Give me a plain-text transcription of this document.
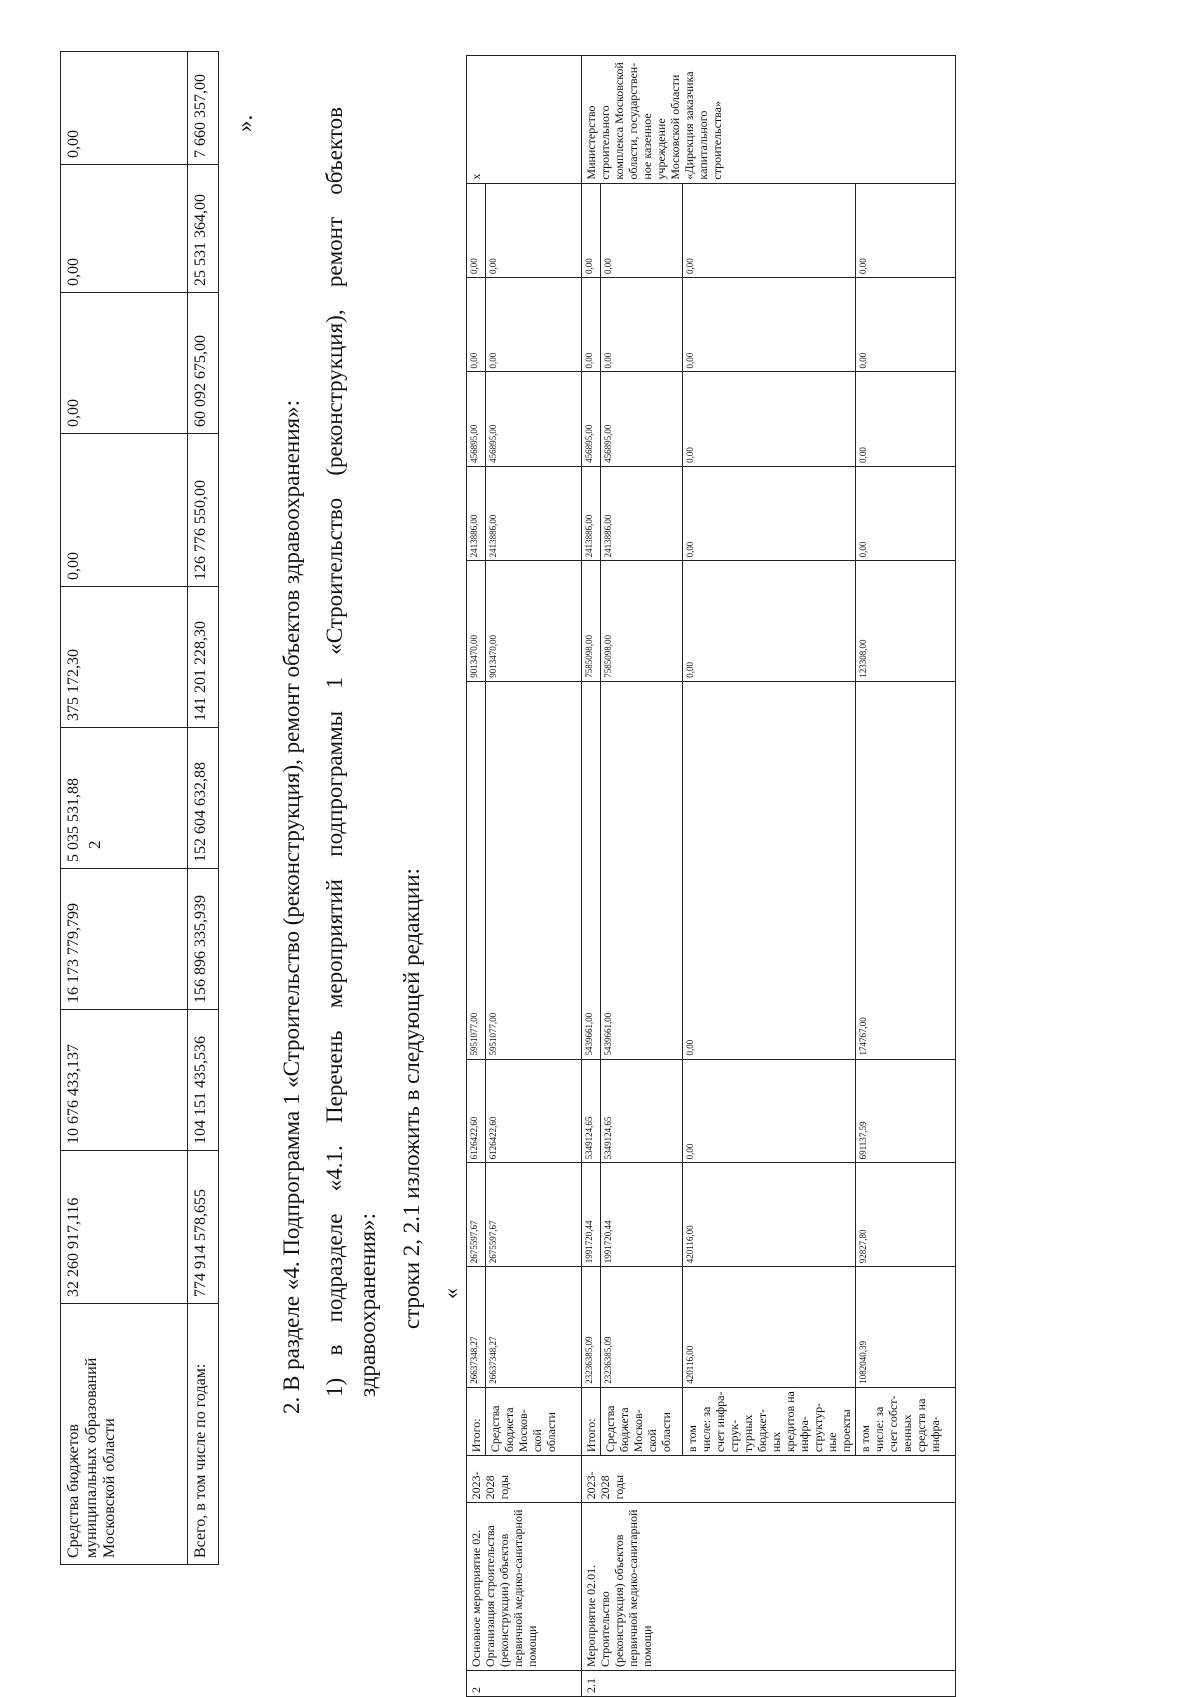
2
Средства бюджетов муниципальных образований Московской области	32 260 917,116	10 676 433,137	16 173 779,799	5 035 531,88	375 172,30	0,00	0,00	0,00	0,00
Всего, в том числе по годам:	774 914 578,655	104 151 435,536	156 896 335,939	152 604 632,88	141 201 228,30	126 776 550,00	60 092 675,00	25 531 364,00	7 660 357,00 ».
2. В разделе «4. Подпрограмма 1 «Строительство (реконструкция), ремонт объектов здравоохранения»: 1) в подразделе «4.1. Перечень мероприятий подпрограммы 1 «Строительство (реконструкция), ремонт объектов здравоохранения»: строки 2, 2.1 изложить в следующей редакции: «
2	Основное мероприятие 02. Организация строительства (реконструкции) объектов первичной медико-санитарной помощи	2023-2028 годы	Итого:	26637348,27	2675597,67	6126422,60	5951077,00	9013470,00	2413886,00	456895,00	0,00	0,00	х
			Средства бюджета Москов-ской области	26637348,27	2675597,67	6126422,60	5951077,00	9013470,00	2413886,00	456895,00	0,00	0,00	
2.1	Мероприятие 02.01. Строительство (реконструкция) объектов первичной медико-санитарной помощи	2023-2028 годы	Итого:	23236385,09	1991720,44	5349124,65	5439661,00	7585098,00	2413886,00	456895,00	0,00	0,00	Министерство строительного комплекса Московской области, государствен-ное казенное учреждение Московской области «Дирекция заказчика капитального строительства»
			Средства бюджета Москов-ской области	23236385,09	1991720,44	5349124,65	5439661,00	7585098,00	2413886,00	456895,00	0,00	0,00	
			в том числе: за счет инфра-струк-турных бюджет-ных кредитов на инфра-структур-ные проекты	420116,00	420116,00	0,00	0,00	0,00	0,00	0,00	0,00	0,00	
			в том числе: за счет собст-венных средств на инфра-	1082040,39	92827,80	691137,59	174767,00	123308,00	0,00	0,00	0,00	0,00	
